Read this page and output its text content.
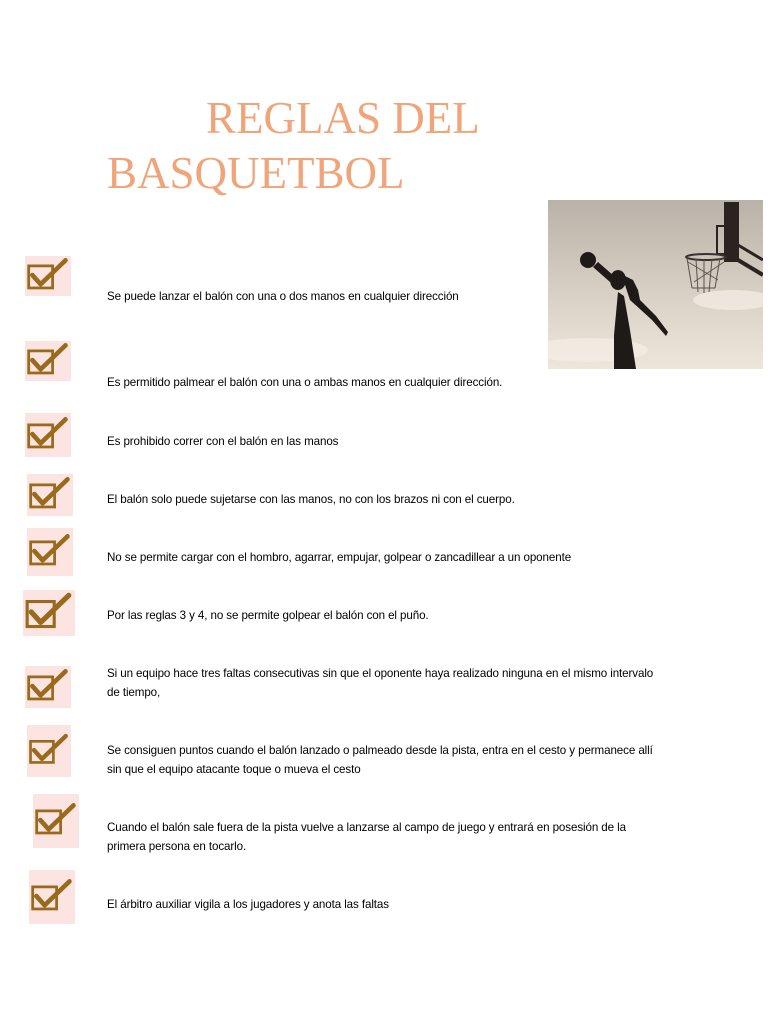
REGLAS DEL
BASQUETBOL
Se puede lanzar el balón con una o dos manos en cualquier dirección
Es permitido palmear el balón con una o ambas manos en cualquier dirección.
Es prohibido correr con el balón en las manos
El balón solo puede sujetarse con las manos, no con los brazos ni con el cuerpo.
No se permite cargar con el hombro, agarrar, empujar, golpear o zancadillear a un oponente
Por las reglas 3 y 4, no se permite golpear el balón con el puño.
Si un equipo hace tres faltas consecutivas sin que el oponente haya realizado ninguna en el mismo intervalo de tiempo,
Se consiguen puntos cuando el balón lanzado o palmeado desde la pista, entra en el cesto y permanece allí sin que el equipo atacante toque o mueva el cesto
Cuando el balón sale fuera de la pista vuelve a lanzarse al campo de juego y entrará en posesión de la primera persona en tocarlo.
El árbitro auxiliar vigila a los jugadores y anota las faltas
